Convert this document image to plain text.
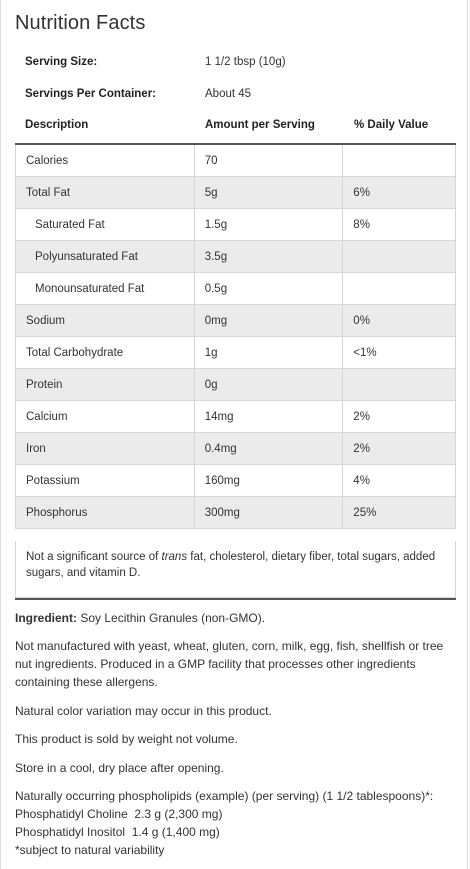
Nutrition Facts
Serving Size:	1 1/2 tbsp (10g)
Servings Per Container:	About 45
Description	Amount per Serving	% Daily Value
Calories	70	
Total Fat	5g	6%
Saturated Fat	1.5g	8%
Polyunsaturated Fat	3.5g	
Monounsaturated Fat	0.5g	
Sodium	0mg	0%
Total Carbohydrate	1g	<1%
Protein	0g	
Calcium	14mg	2%
Iron	0.4mg	2%
Potassium	160mg	4%
Phosphorus	300mg	25%
Not a significant source of trans fat, cholesterol, dietary fiber, total sugars, added sugars, and vitamin D.
Ingredient: Soy Lecithin Granules (non-GMO).
Not manufactured with yeast, wheat, gluten, corn, milk, egg, fish, shellfish or tree nut ingredients. Produced in a GMP facility that processes other ingredients containing these allergens.
Natural color variation may occur in this product.
This product is sold by weight not volume.
Store in a cool, dry place after opening.
Naturally occurring phospholipids (example) (per serving) (1 1/2 tablespoons)*:
Phosphatidyl Choline  2.3 g (2,300 mg)
Phosphatidyl Inositol  1.4 g (1,400 mg)
*subject to natural variability
